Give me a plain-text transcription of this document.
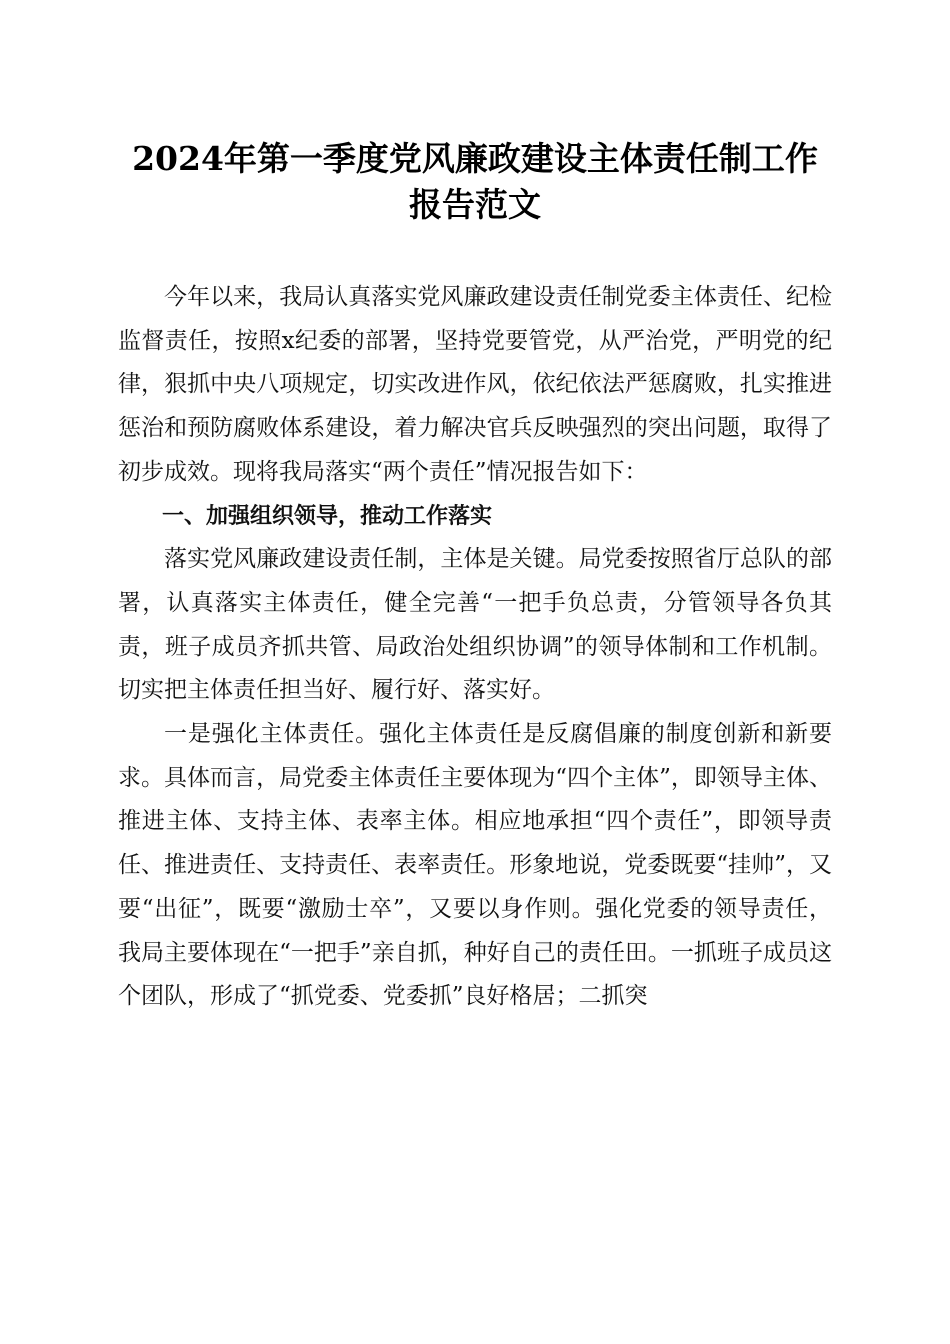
2024年第一季度党风廉政建设主体责任制工作报告范文

今年以来，我局认真落实党风廉政建设责任制党委主体责任、纪检监督责任，按照x纪委的部署，坚持党要管党，从严治党，严明党的纪律，狠抓中央八项规定，切实改进作风，依纪依法严惩腐败，扎实推进惩治和预防腐败体系建设，着力解决官兵反映强烈的突出问题，取得了初步成效。现将我局落实“两个责任”情况报告如下：

一、加强组织领导，推动工作落实

落实党风廉政建设责任制，主体是关键。局党委按照省厅总队的部署，认真落实主体责任，健全完善“一把手负总责，分管领导各负其责，班子成员齐抓共管、局政治处组织协调”的领导体制和工作机制。切实把主体责任担当好、履行好、落实好。

一是强化主体责任。强化主体责任是反腐倡廉的制度创新和新要求。具体而言，局党委主体责任主要体现为“四个主体”，即领导主体、推进主体、支持主体、表率主体。相应地承担“四个责任”，即领导责任、推进责任、支持责任、表率责任。形象地说，党委既要“挂帅”，又要“出征”，既要“激励士卒”，又要以身作则。强化党委的领导责任，我局主要体现在“一把手”亲自抓，种好自己的责任田。一抓班子成员这个团队，形成了“抓党委、党委抓”良好格居；二抓突
